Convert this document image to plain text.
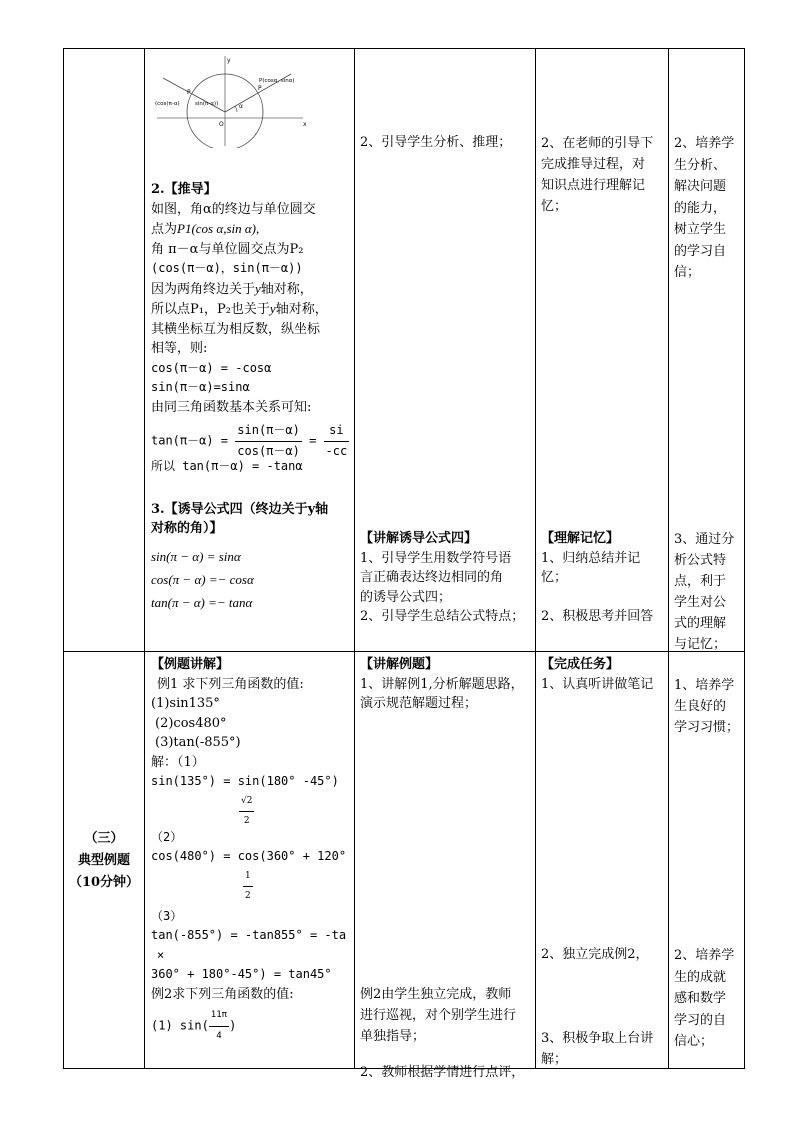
y
x
O
P
P
α
(cos(π-α)	sin(π-α))
P(cosα, sinα)

2.【推导】

如图，角α的终边与单位圆交

点为P1(cos α,sin α),

角 π－α与单位圆交点为P₂

(cos(π－α)，sin(π－α))

因为两角终边关于y轴对称，

所以点P₁，P₂也关于y轴对称，

其横坐标互为相反数，纵坐标

相等，则:

cos(π－α) = -cosα

sin(π－α)=sinα

由同三角函数基本关系可知:

$\tan(\pi-\alpha) = \frac{\sin(\pi-\alpha)}{\cos(\pi-\alpha)} = \frac{si}{-cc}$

所以 tan(π－α) = -tanα

3.【诱导公式四（终边关于y轴

对称的角）】

sin(π − α) = sinα

cos(π − α) =− cosα

tan(π − α) =− tanα

2、引导学生分析、推理；

【讲解诱导公式四】

1、引导学生用数学符号语

言正确表达终边相同的角

的诱导公式四；

2、引导学生总结公式特点；

2、在老师的引导下

完成推导过程，对

知识点进行理解记

忆；

【理解记忆】

1、归纳总结并记

忆；

2、积极思考并回答

2、培养学

生分析、

解决问题

的能力，

树立学生

的学习自

信；

3、通过分

析公式特

点，利于

学生对公

式的理解

与记忆；

（三）

典型例题

（10分钟）

【例题讲解】

例1 求下列三角函数的值:

(1)sin135°

(2)cos480°

(3)tan(-855°)

解：（1）

sin(135°) = sin(180° -45°)

$\frac{√2}{2}$

（2）

cos(480°) = cos(360° + 120°

$\frac{1}{2}$

（3）

tan(-855°) = -tan855° = -ta

×

360° + 180°-45°) = tan45°

例2求下列三角函数的值:

(1) $\sin( \frac{11\pi}{4}$ )

【讲解例题】

1、讲解例1,分析解题思路，

演示规范解题过程；

例2由学生独立完成，教师

进行巡视，对个别学生进行

单独指导；

2、教师根据学情进行点评，

【完成任务】

1、认真听讲做笔记

2、独立完成例2，

3、积极争取上台讲

解；

1、培养学

生良好的

学习习惯；

2、培养学

生的成就

感和数学

学习的自

信心；
